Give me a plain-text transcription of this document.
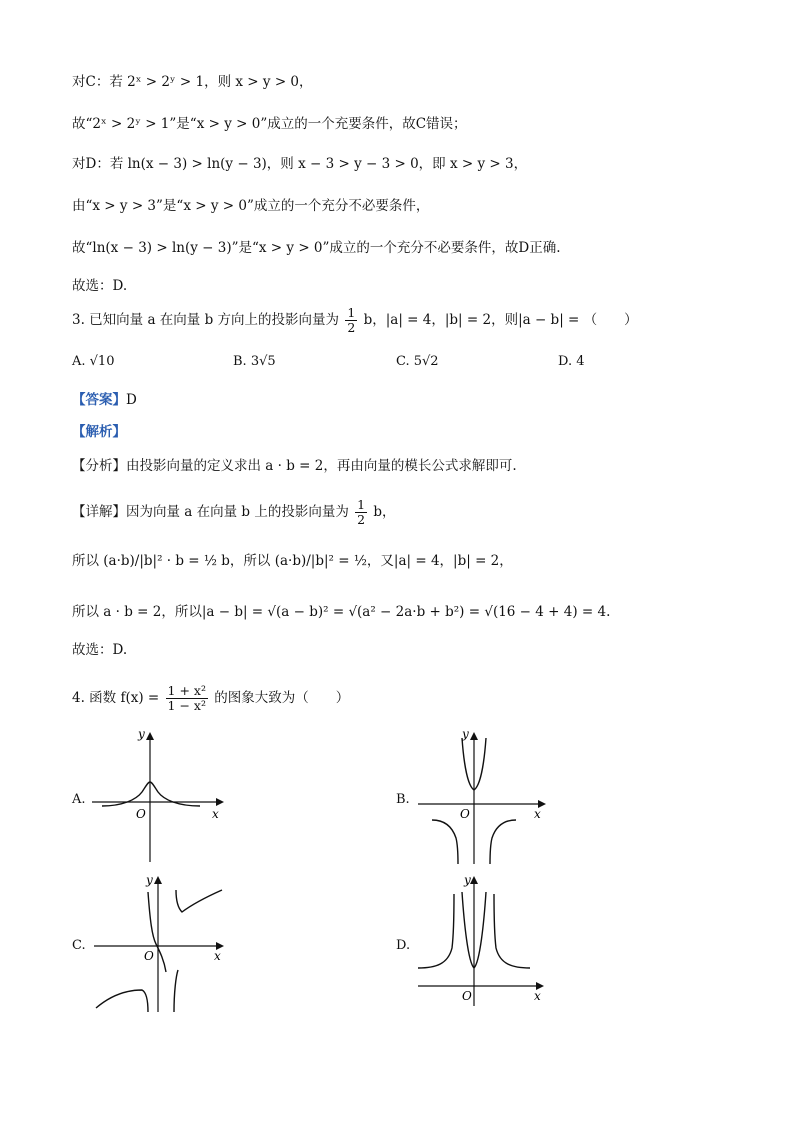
对C：若 2ˣ > 2ʸ > 1，则 x > y > 0，
故“2ˣ > 2ʸ > 1”是“x > y > 0”成立的一个充要条件，故C错误；
对D：若 ln(x − 3) > ln(y − 3)，则 x − 3 > y − 3 > 0，即 x > y > 3，
由“x > y > 3”是“x > y > 0”成立的一个充分不必要条件，
故“ln(x − 3) > ln(y − 3)”是“x > y > 0”成立的一个充分不必要条件，故D正确.
故选：D.
3. 已知向量 a 在向量 b 方向上的投影向量为 $\frac{1}{2}$ b，|a| = 4，|b| = 2，则|a − b| = （　　）
A. √10	B. 3√5	C. 5√2	D. 4
【答案】D
【解析】
【分析】由投影向量的定义求出 a · b = 2，再由向量的模长公式求解即可.
【详解】因为向量 a 在向量 b 上的投影向量为 $\frac{1}{2}$ b，
所以 (a·b)/|b|² · b = ½ b，所以 (a·b)/|b|² = ½，又|a| = 4，|b| = 2，
所以 a · b = 2，所以|a − b| = √(a − b)² = √(a² − 2a·b + b²) = √(16 − 4 + 4) = 4.
故选：D.
4. 函数 $f(x) = \frac{\text{1 + x²}}{\text{1 − x²}}$ 的图象大致为（　　）
A.	B.
C.	D.
x
y
O	x
y
O
x
y
O
x
y
O
